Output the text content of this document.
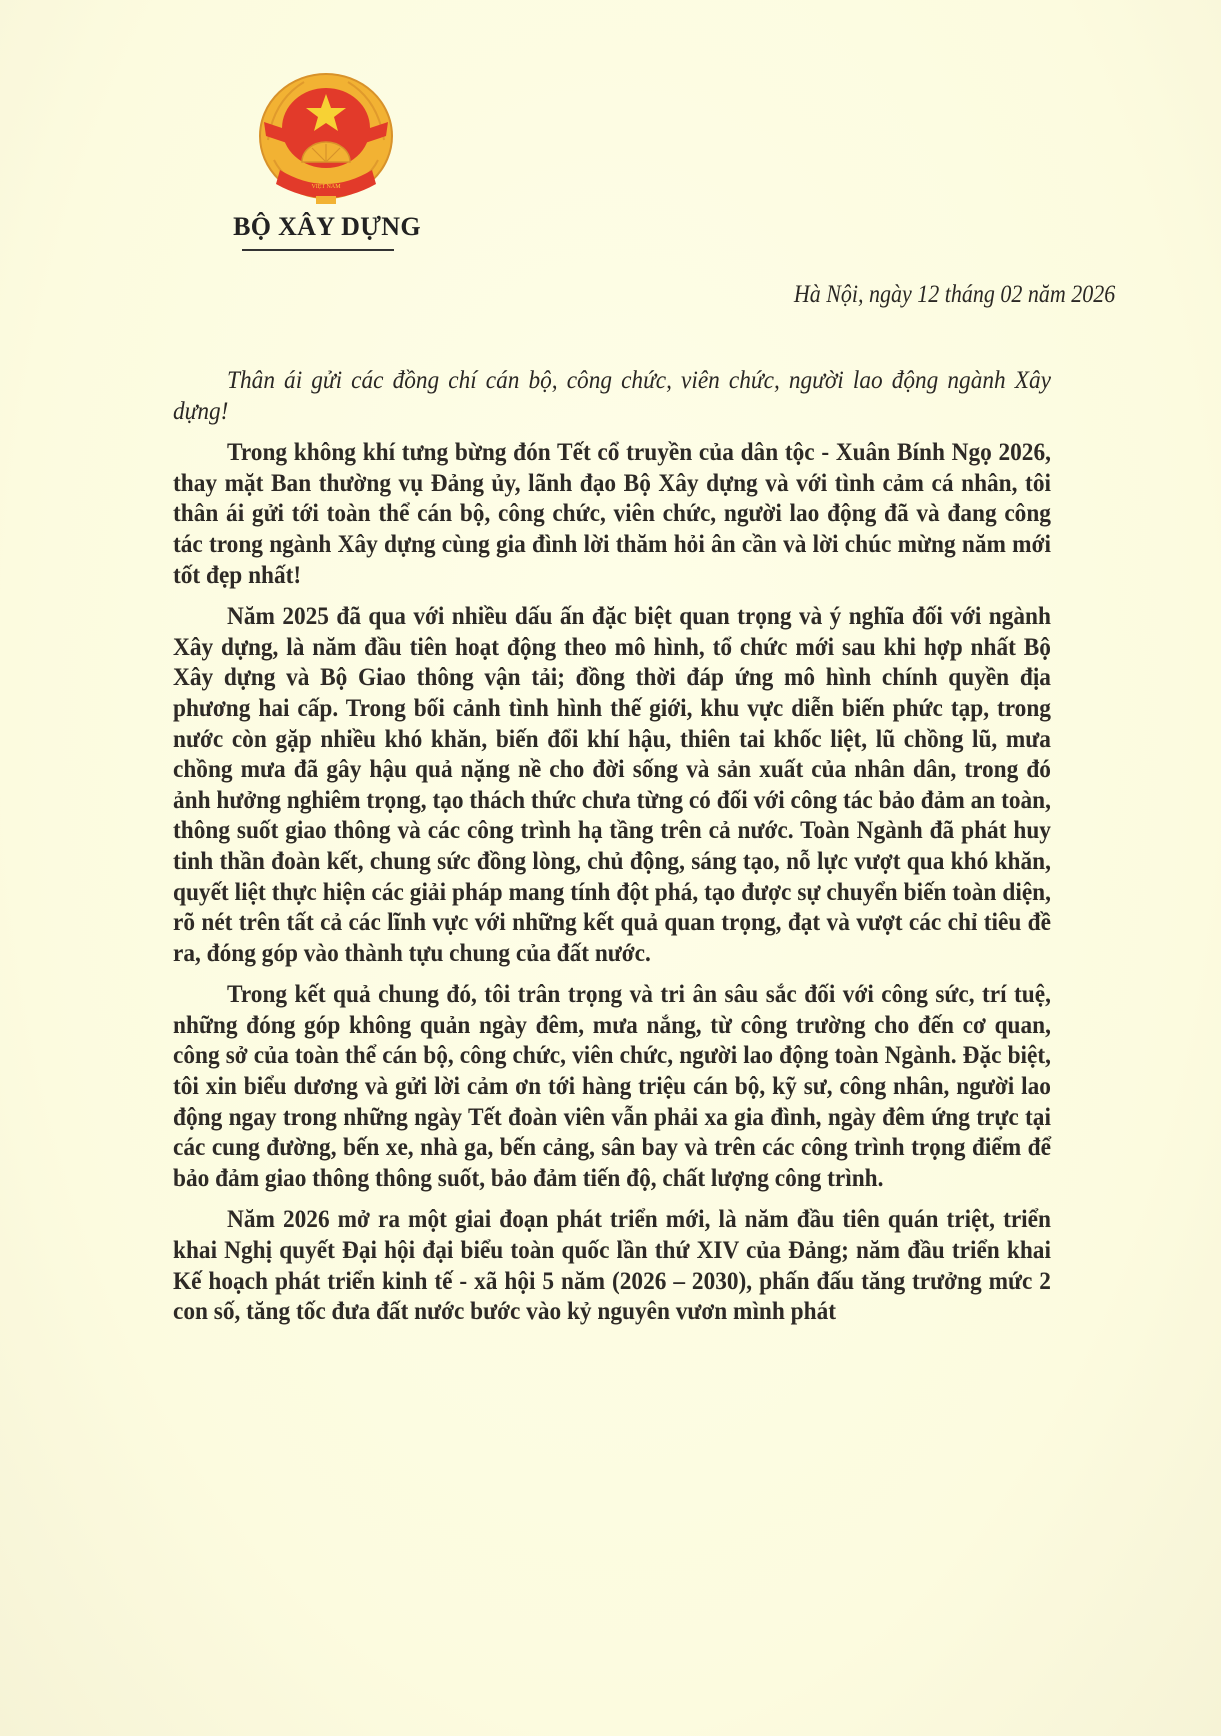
VIỆT NAM
BỘ XÂY DỰNG
Hà Nội, ngày 12 tháng 02 năm 2026

Thân ái gửi các đồng chí cán bộ, công chức, viên chức, người lao động ngành Xây dựng!

Trong không khí tưng bừng đón Tết cổ truyền của dân tộc - Xuân Bính Ngọ 2026, thay mặt Ban thường vụ Đảng ủy, lãnh đạo Bộ Xây dựng và với tình cảm cá nhân, tôi thân ái gửi tới toàn thể cán bộ, công chức, viên chức, người lao động đã và đang công tác trong ngành Xây dựng cùng gia đình lời thăm hỏi ân cần và lời chúc mừng năm mới tốt đẹp nhất!

Năm 2025 đã qua với nhiều dấu ấn đặc biệt quan trọng và ý nghĩa đối với ngành Xây dựng, là năm đầu tiên hoạt động theo mô hình, tổ chức mới sau khi hợp nhất Bộ Xây dựng và Bộ Giao thông vận tải; đồng thời đáp ứng mô hình chính quyền địa phương hai cấp. Trong bối cảnh tình hình thế giới, khu vực diễn biến phức tạp, trong nước còn gặp nhiều khó khăn, biến đổi khí hậu, thiên tai khốc liệt, lũ chồng lũ, mưa chồng mưa đã gây hậu quả nặng nề cho đời sống và sản xuất của nhân dân, trong đó ảnh hưởng nghiêm trọng, tạo thách thức chưa từng có đối với công tác bảo đảm an toàn, thông suốt giao thông và các công trình hạ tầng trên cả nước. Toàn Ngành đã phát huy tinh thần đoàn kết, chung sức đồng lòng, chủ động, sáng tạo, nỗ lực vượt qua khó khăn, quyết liệt thực hiện các giải pháp mang tính đột phá, tạo được sự chuyển biến toàn diện, rõ nét trên tất cả các lĩnh vực với những kết quả quan trọng, đạt và vượt các chỉ tiêu đề ra, đóng góp vào thành tựu chung của đất nước.

Trong kết quả chung đó, tôi trân trọng và tri ân sâu sắc đối với công sức, trí tuệ, những đóng góp không quản ngày đêm, mưa nắng, từ công trường cho đến cơ quan, công sở của toàn thể cán bộ, công chức, viên chức, người lao động toàn Ngành. Đặc biệt, tôi xin biểu dương và gửi lời cảm ơn tới hàng triệu cán bộ, kỹ sư, công nhân, người lao động ngay trong những ngày Tết đoàn viên vẫn phải xa gia đình, ngày đêm ứng trực tại các cung đường, bến xe, nhà ga, bến cảng, sân bay và trên các công trình trọng điểm để bảo đảm giao thông thông suốt, bảo đảm tiến độ, chất lượng công trình.

Năm 2026 mở ra một giai đoạn phát triển mới, là năm đầu tiên quán triệt, triển khai Nghị quyết Đại hội đại biểu toàn quốc lần thứ XIV của Đảng; năm đầu triển khai Kế hoạch phát triển kinh tế - xã hội 5 năm (2026 – 2030), phấn đấu tăng trưởng mức 2 con số, tăng tốc đưa đất nước bước vào kỷ nguyên vươn mình phát
